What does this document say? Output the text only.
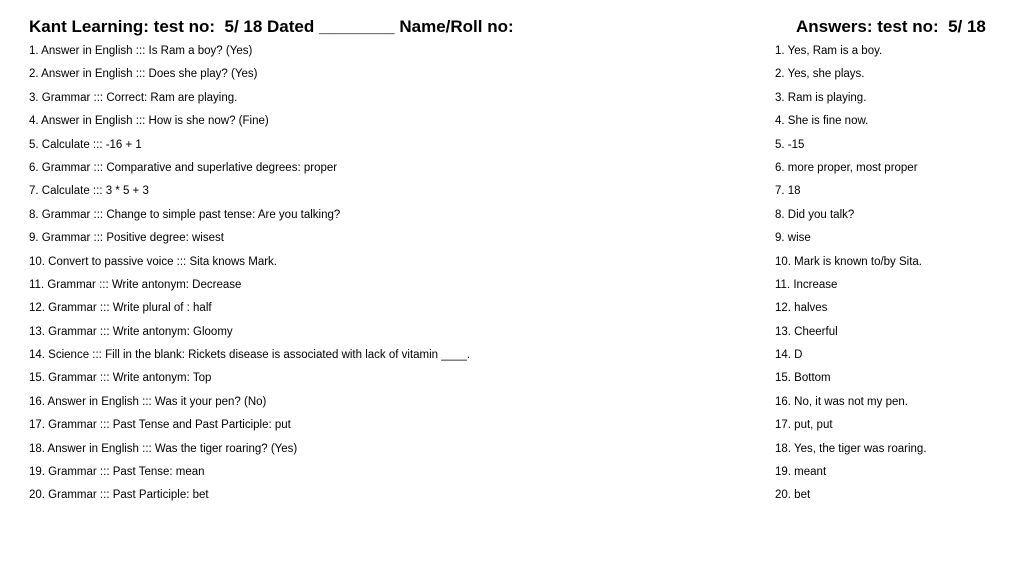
Kant Learning: test no:  5/ 18 Dated ________ Name/Roll no:	Answers: test no:  5/ 18
1. Answer in English ::: Is Ram a boy? (Yes)
2. Answer in English ::: Does she play? (Yes)
3. Grammar ::: Correct: Ram are playing.
4. Answer in English ::: How is she now? (Fine)
5. Calculate ::: -16 + 1
6. Grammar ::: Comparative and superlative degrees: proper
7. Calculate ::: 3 * 5 + 3
8. Grammar ::: Change to simple past tense: Are you talking?
9. Grammar ::: Positive degree: wisest
10. Convert to passive voice ::: Sita knows Mark.
11. Grammar ::: Write antonym: Decrease
12. Grammar ::: Write plural of : half
13. Grammar ::: Write antonym: Gloomy
14. Science ::: Fill in the blank: Rickets disease is associated with lack of vitamin ____.
15. Grammar ::: Write antonym: Top
16. Answer in English ::: Was it your pen? (No)
17. Grammar ::: Past Tense and Past Participle: put
18. Answer in English ::: Was the tiger roaring? (Yes)
19. Grammar ::: Past Tense: mean
20. Grammar ::: Past Participle: bet
1. Yes, Ram is a boy.
2. Yes, she plays.
3. Ram is playing.
4. She is fine now.
5. -15
6. more proper, most proper
7. 18
8. Did you talk?
9. wise
10. Mark is known to/by Sita.
11. Increase
12. halves
13. Cheerful
14. D
15. Bottom
16. No, it was not my pen.
17. put, put
18. Yes, the tiger was roaring.
19. meant
20. bet
